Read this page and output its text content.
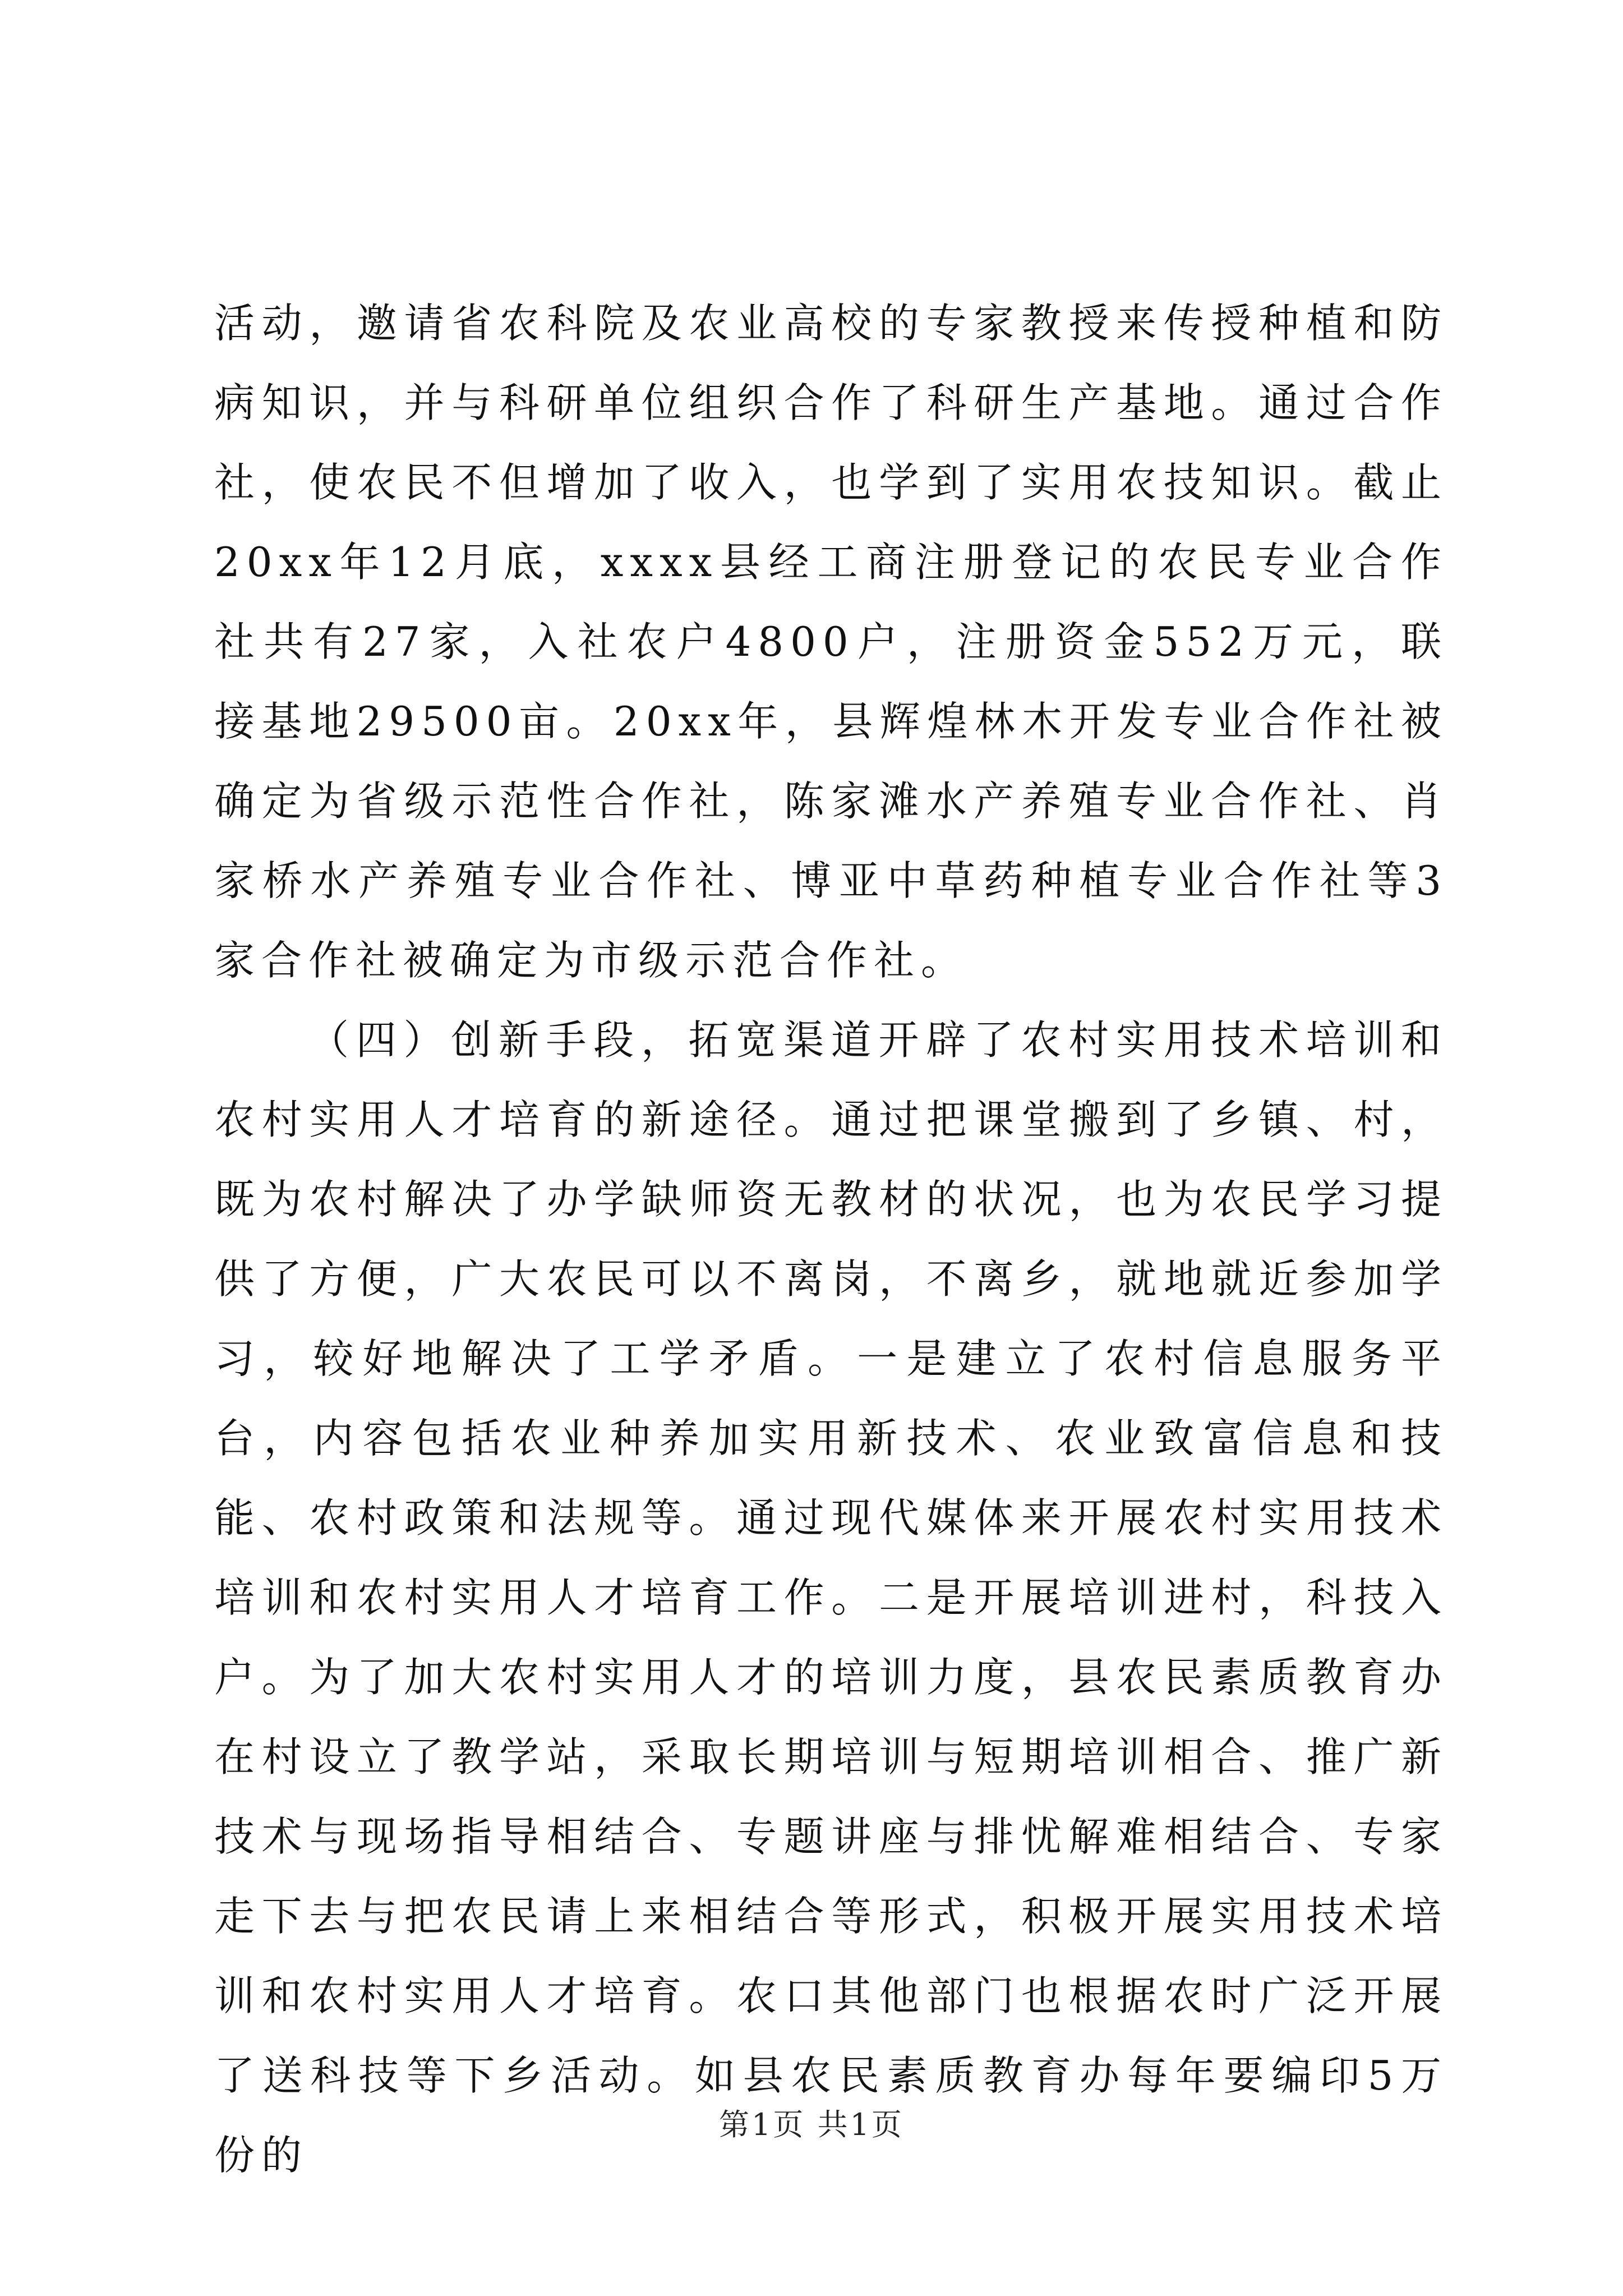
活动，邀请省农科院及农业高校的专家教授来传授种植和防病知识，并与科研单位组织合作了科研生产基地。通过合作社，使农民不但增加了收入，也学到了实用农技知识。截止20xx年12月底，xxxx县经工商注册登记的农民专业合作社共有27家，入社农户4800户，注册资金552万元，联接基地29500亩。20xx年，县辉煌林木开发专业合作社被确定为省级示范性合作社，陈家滩水产养殖专业合作社、肖家桥水产养殖专业合作社、博亚中草药种植专业合作社等3家合作社被确定为市级示范合作社。

（四）创新手段，拓宽渠道开辟了农村实用技术培训和农村实用人才培育的新途径。通过把课堂搬到了乡镇、村，既为农村解决了办学缺师资无教材的状况，也为农民学习提供了方便，广大农民可以不离岗，不离乡，就地就近参加学习，较好地解决了工学矛盾。一是建立了农村信息服务平台，内容包括农业种养加实用新技术、农业致富信息和技能、农村政策和法规等。通过现代媒体来开展农村实用技术培训和农村实用人才培育工作。二是开展培训进村，科技入户。为了加大农村实用人才的培训力度，县农民素质教育办在村设立了教学站，采取长期培训与短期培训相合、推广新技术与现场指导相结合、专题讲座与排忧解难相结合、专家走下去与把农民请上来相结合等形式，积极开展实用技术培训和农村实用人才培育。农口其他部门也根据农时广泛开展了送科技等下乡活动。如县农民素质教育办每年要编印5万份的

第1页 共1页
